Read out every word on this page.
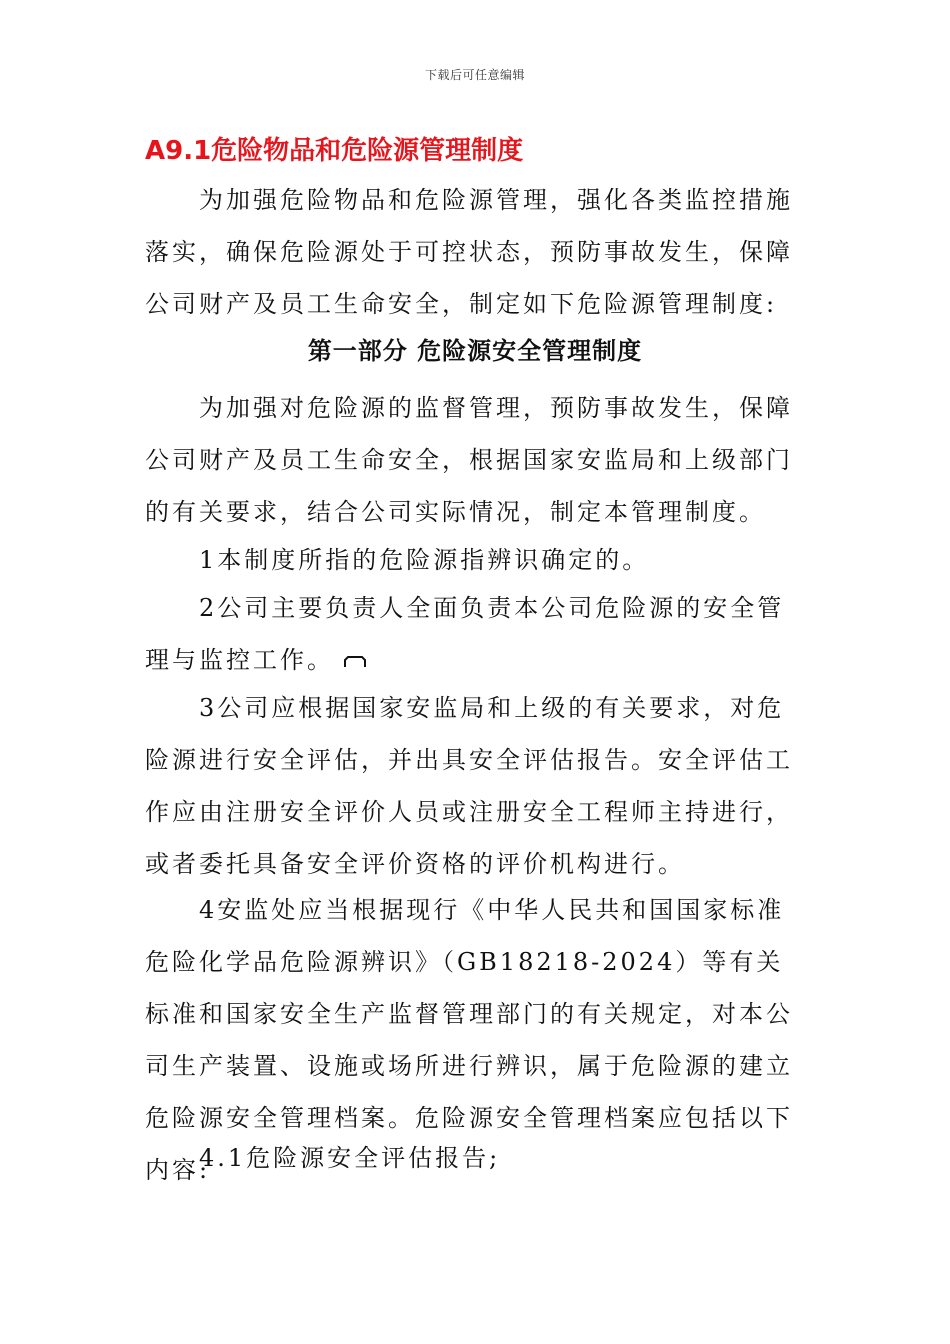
下载后可任意编辑
A9.1危险物品和危险源管理制度

为加强危险物品和危险源管理，强化各类监控措施落实，确保危险源处于可控状态，预防事故发生，保障公司财产及员工生命安全，制定如下危险源管理制度:

第一部分 危险源安全管理制度

为加强对危险源的监督管理，预防事故发生，保障公司财产及员工生命安全，根据国家安监局和上级部门的有关要求，结合公司实际情况，制定本管理制度。

1本制度所指的危险源指辨识确定的。

2公司主要负责人全面负责本公司危险源的安全管理与监控工作。

3公司应根据国家安监局和上级的有关要求，对危险源进行安全评估，并出具安全评估报告。安全评估工作应由注册安全评价人员或注册安全工程师主持进行，或者委托具备安全评价资格的评价机构进行。

4安监处应当根据现行《中华人民共和国国家标准危险化学品危险源辨识》（GB18218-2024）等有关标准和国家安全生产监督管理部门的有关规定，对本公司生产装置、设施或场所进行辨识，属于危险源的建立危险源安全管理档案。危险源安全管理档案应包括以下内容:

4.1危险源安全评估报告;
